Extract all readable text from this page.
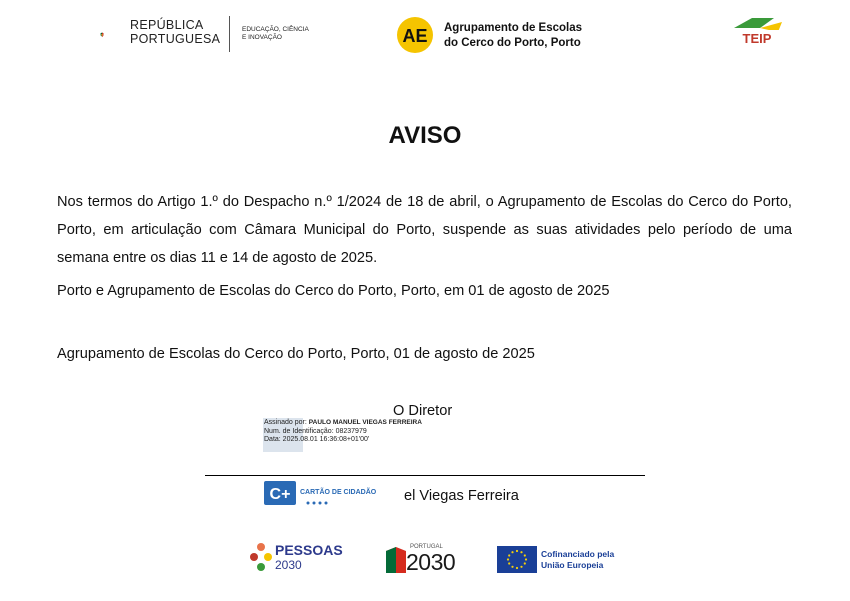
REPÚBLICA
PORTUGUESA
EDUCAÇÃO, CIÊNCIA
E INOVAÇÃO	AE Agrupamento de Escolas
do Cerco do Porto, Porto	TEIP
AVISO
Nos termos do Artigo 1.º do Despacho n.º 1/2024 de 18 de abril, o Agrupamento de Escolas do Cerco do Porto, Porto, em articulação com Câmara Municipal do Porto, suspende as suas atividades pelo período de uma semana entre os dias 11 e 14 de agosto de 2025.
Porto e Agrupamento de Escolas do Cerco do Porto, Porto, em 01 de agosto de 2025
Agrupamento de Escolas do Cerco do Porto, Porto, 01 de agosto de 2025
O Diretor
Assinado por: PAULO MANUEL VIEGAS FERREIRA
Num. de Identificação: 08237979
Data: 2025.08.01 16:36:08+01'00'
C+ CARTÃO DE CIDADÃO el Viegas Ferreira
PESSOAS
2030
PORTUGAL
2030	Cofinanciado pela
União Europeia
